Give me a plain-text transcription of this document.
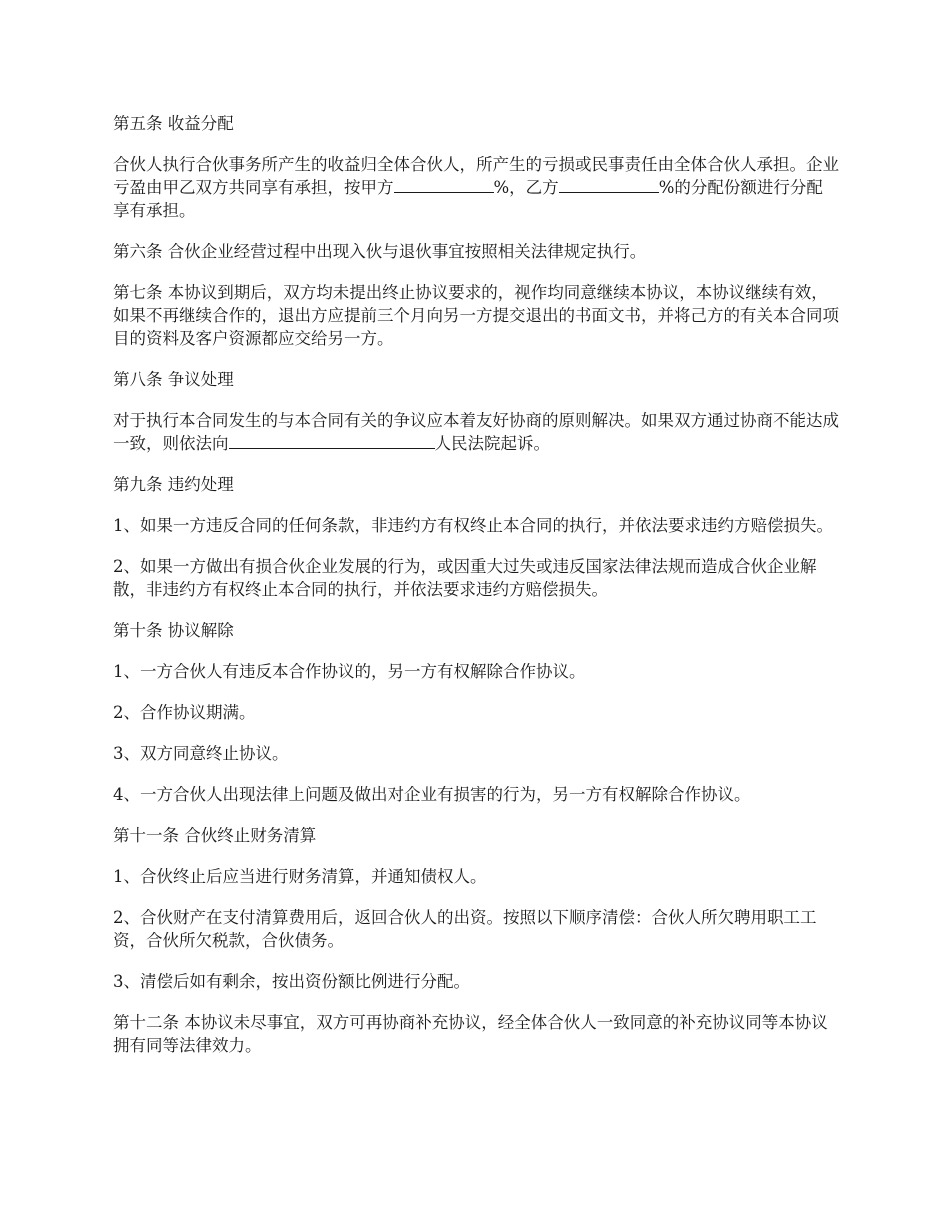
第五条 收益分配

合伙人执行合伙事务所产生的收益归全体合伙人，所产生的亏损或民事责任由全体合伙人承担。企业亏盈由甲乙双方共同享有承担，按甲方	%，乙方	%的分配份额进行分配享有承担。

第六条 合伙企业经营过程中出现入伙与退伙事宜按照相关法律规定执行。

第七条 本协议到期后，双方均未提出终止协议要求的，视作均同意继续本协议，本协议继续有效，如果不再继续合作的，退出方应提前三个月向另一方提交退出的书面文书，并将己方的有关本合同项目的资料及客户资源都应交给另一方。

第八条 争议处理

对于执行本合同发生的与本合同有关的争议应本着友好协商的原则解决。如果双方通过协商不能达成一致，则依法向	人民法院起诉。

第九条 违约处理

1、如果一方违反合同的任何条款，非违约方有权终止本合同的执行，并依法要求违约方赔偿损失。

2、如果一方做出有损合伙企业发展的行为，或因重大过失或违反国家法律法规而造成合伙企业解散，非违约方有权终止本合同的执行，并依法要求违约方赔偿损失。

第十条 协议解除

1、一方合伙人有违反本合作协议的，另一方有权解除合作协议。

2、合作协议期满。

3、双方同意终止协议。

4、一方合伙人出现法律上问题及做出对企业有损害的行为，另一方有权解除合作协议。

第十一条 合伙终止财务清算

1、合伙终止后应当进行财务清算，并通知债权人。

2、合伙财产在支付清算费用后，返回合伙人的出资。按照以下顺序清偿：合伙人所欠聘用职工工资，合伙所欠税款，合伙债务。

3、清偿后如有剩余，按出资份额比例进行分配。

第十二条 本协议未尽事宜，双方可再协商补充协议，经全体合伙人一致同意的补充协议同等本协议拥有同等法律效力。
